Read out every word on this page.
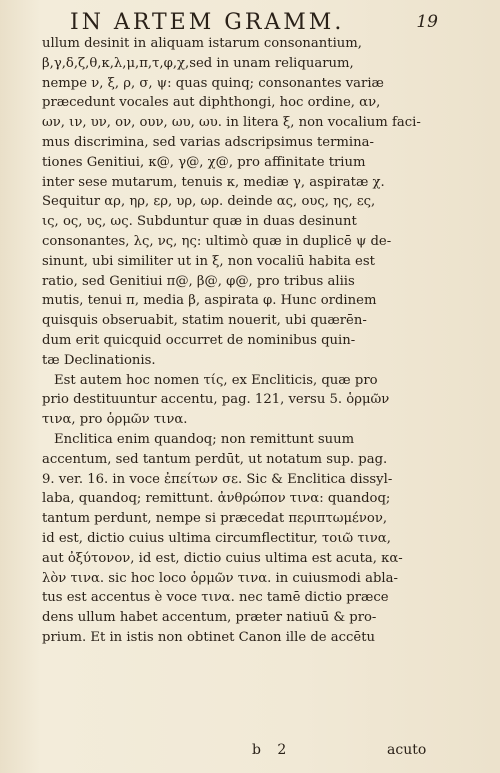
IN ARTEM GRAMM.	19
ullum desinit in aliquam istarum consonantium,
β,γ,δ,ζ,θ,κ,λ,μ,π,τ,φ,χ,sed in unam reliquarum,
nempe ν, ξ, ρ, σ, ψ: quas quinq; consonantes variæ
præcedunt vocales aut diphthongi, hoc ordine, αν,
ων, ιν, υν, ον, ουν, ωυ, ωυ. in litera ξ, non vocalium faci-
mus discrimina, sed varias adscripsimus termina-
tiones Genitiui, κ@, γ@, χ@, pro affinitate trium
inter sese mutarum, tenuis κ, mediæ γ, aspiratæ χ.
Sequitur αρ, ηρ, ερ, υρ, ωρ. deinde ας, ους, ης, ες,
ις, ος, υς, ως. Subduntur quæ in duas desinunt
consonantes, λς, νς, ης: ultimò quæ in duplicē ψ de-
sinunt, ubi similiter ut in ξ, non vocaliū habita est
ratio, sed Genitiui π@, β@, φ@, pro tribus aliis
mutis, tenui π, media β, aspirata φ. Hunc ordinem
quisquis obseruabit, statim nouerit, ubi quærēn-
dum erit quicquid occurret de nominibus quin-
tæ Declinationis.
Est autem hoc nomen τίς, ex Encliticis, quæ pro
prio destituuntur accentu, pag. 121, versu 5. ὁρμῶν
τινα, pro ὁρμῶν τινα.
Enclitica enim quandoq; non remittunt suum
accentum, sed tantum perdūt, ut notatum sup. pag.
9. ver. 16. in voce ἐπείτων σε. Sic & Enclitica dissyl-
laba, quandoq; remittunt. ἀνθρώπον τινα: quandoq;
tantum perdunt, nempe si præcedat περιπτωμένον,
id est, dictio cuius ultima circumflectitur, τοιῶ τινα,
aut ὀξύτονον, id est, dictio cuius ultima est acuta, κα-
λὸν τινα. sic hoc loco ὁρμῶν τινα. in cuiusmodi abla-
tus est accentus è voce τινα. nec tamē dictio præce
dens ullum habet accentum, præter natiuū & pro-
prium. Et in istis non obtinet Canon ille de accētu
b 2	acuto
